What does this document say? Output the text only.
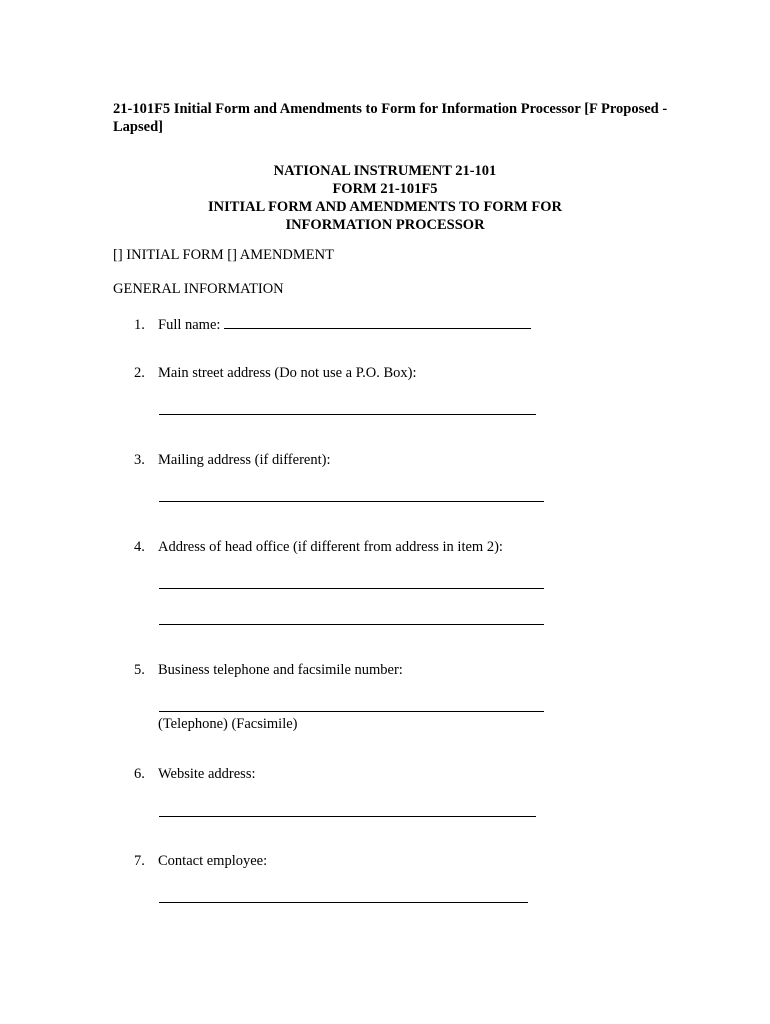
21-101F5 Initial Form and Amendments to Form for Information Processor [F Proposed - Lapsed]
NATIONAL INSTRUMENT 21-101
FORM 21-101F5
INITIAL FORM AND AMENDMENTS TO FORM FOR
INFORMATION PROCESSOR
[] INITIAL FORM [] AMENDMENT
GENERAL INFORMATION
1. Full name:
2. Main street address (Do not use a P.O. Box):
3. Mailing address (if different):
4. Address of head office (if different from address in item 2):
5. Business telephone and facsimile number:
(Telephone) (Facsimile)
6. Website address:
7. Contact employee:
